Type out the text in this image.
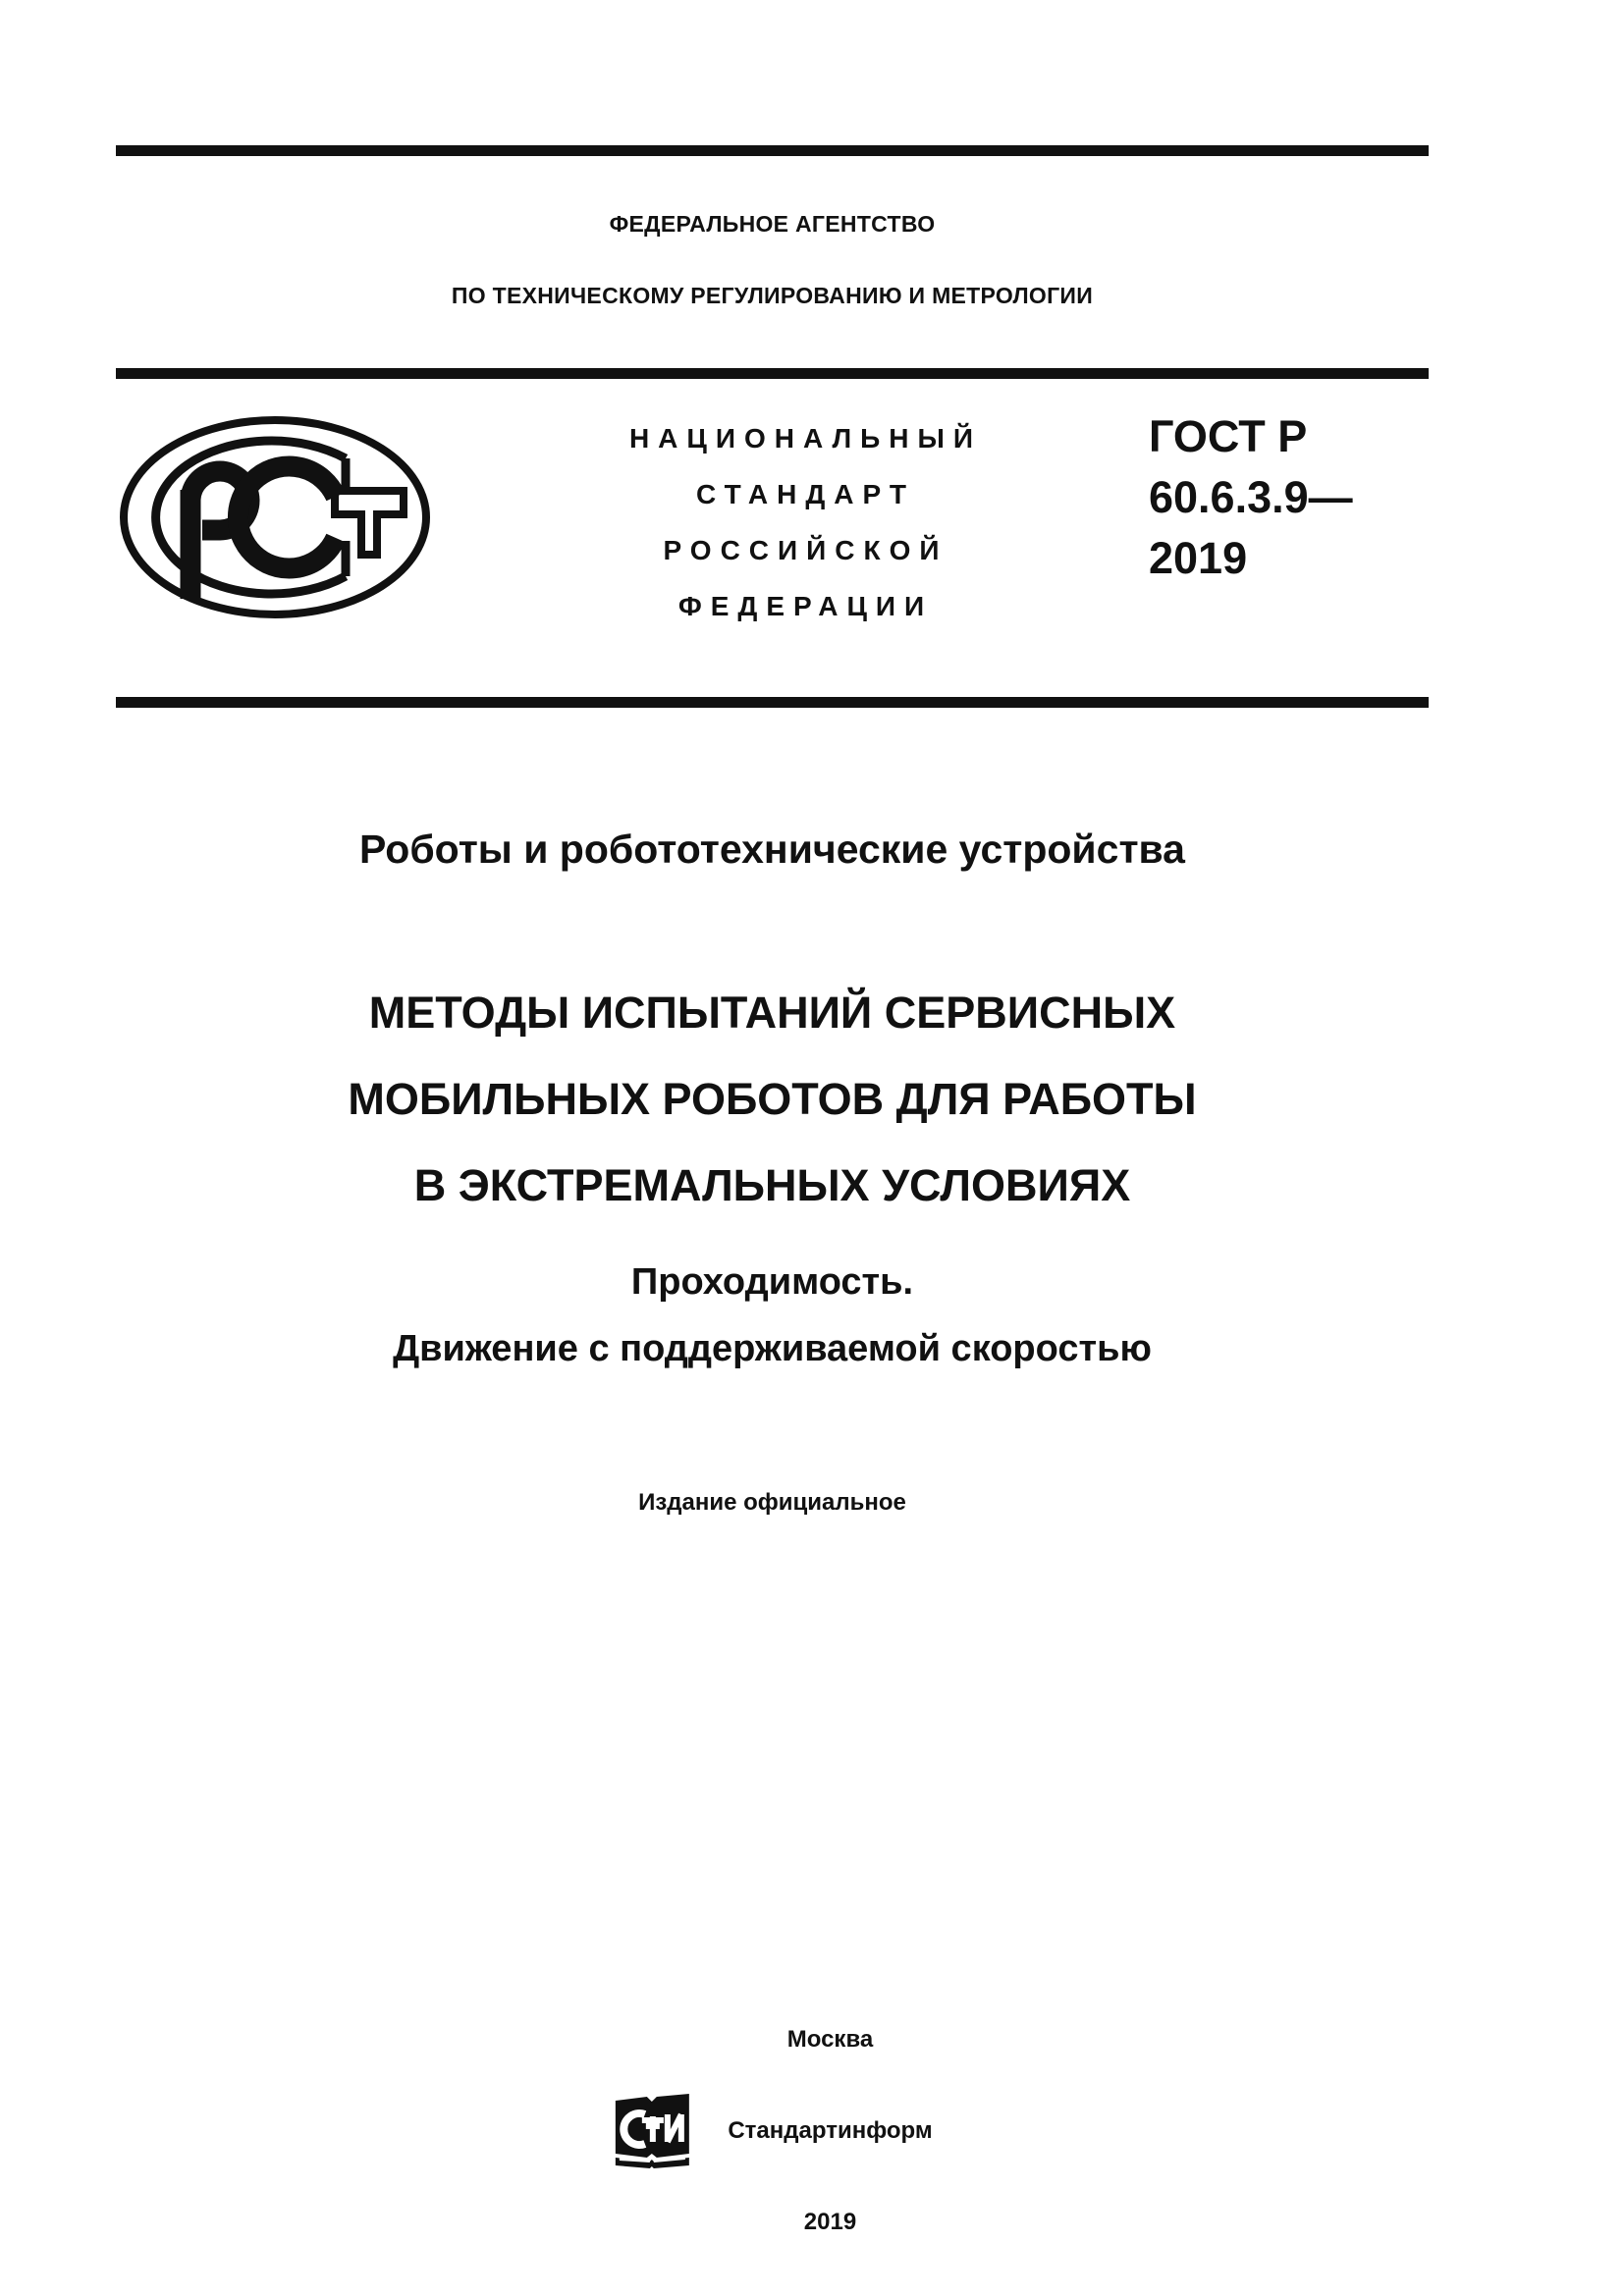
ФЕДЕРАЛЬНОЕ АГЕНТСТВО
ПО ТЕХНИЧЕСКОМУ РЕГУЛИРОВАНИЮ И МЕТРОЛОГИИ
НАЦИОНАЛЬНЫЙ
СТАНДАРТ
РОССИЙСКОЙ
ФЕДЕРАЦИИ
ГОСТ Р
60.6.3.9—
2019
Роботы и робототехнические устройства
МЕТОДЫ ИСПЫТАНИЙ СЕРВИСНЫХ
МОБИЛЬНЫХ РОБОТОВ ДЛЯ РАБОТЫ
В ЭКСТРЕМАЛЬНЫХ УСЛОВИЯХ
Проходимость.
Движение с поддерживаемой скоростью
Издание официальное

Москва

Стандартинформ

2019
